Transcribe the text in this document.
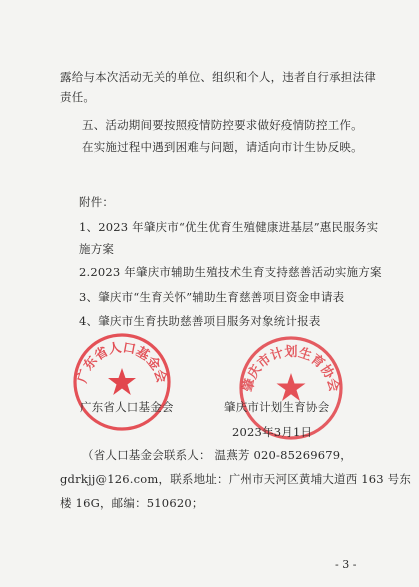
露给与本次活动无关的单位、组织和个人，违者自行承担法律
责任。
五、活动期间要按照疫情防控要求做好疫情防控工作。
在实施过程中遇到困难与问题，请适向市计生协反映。
附件：
1、2023 年肇庆市“优生优育生殖健康进基层”惠民服务实
施方案
2.2023 年肇庆市辅助生殖技术生育支持慈善活动实施方案
3、肇庆市“生育关怀”辅助生育慈善项目资金申请表
4、肇庆市生育扶助慈善项目服务对象统计报表
广东省人口基金会
肇庆市计划生育协会
广东省人口基金会	肇庆市计划生育协会
2023年3月1日
（省人口基金会联系人： 温燕芳 020-85269679，
gdrkjj@126.com，联系地址：广州市天河区黄埔大道西 163 号东
楼 16G，邮编：510620；
- 3 -
